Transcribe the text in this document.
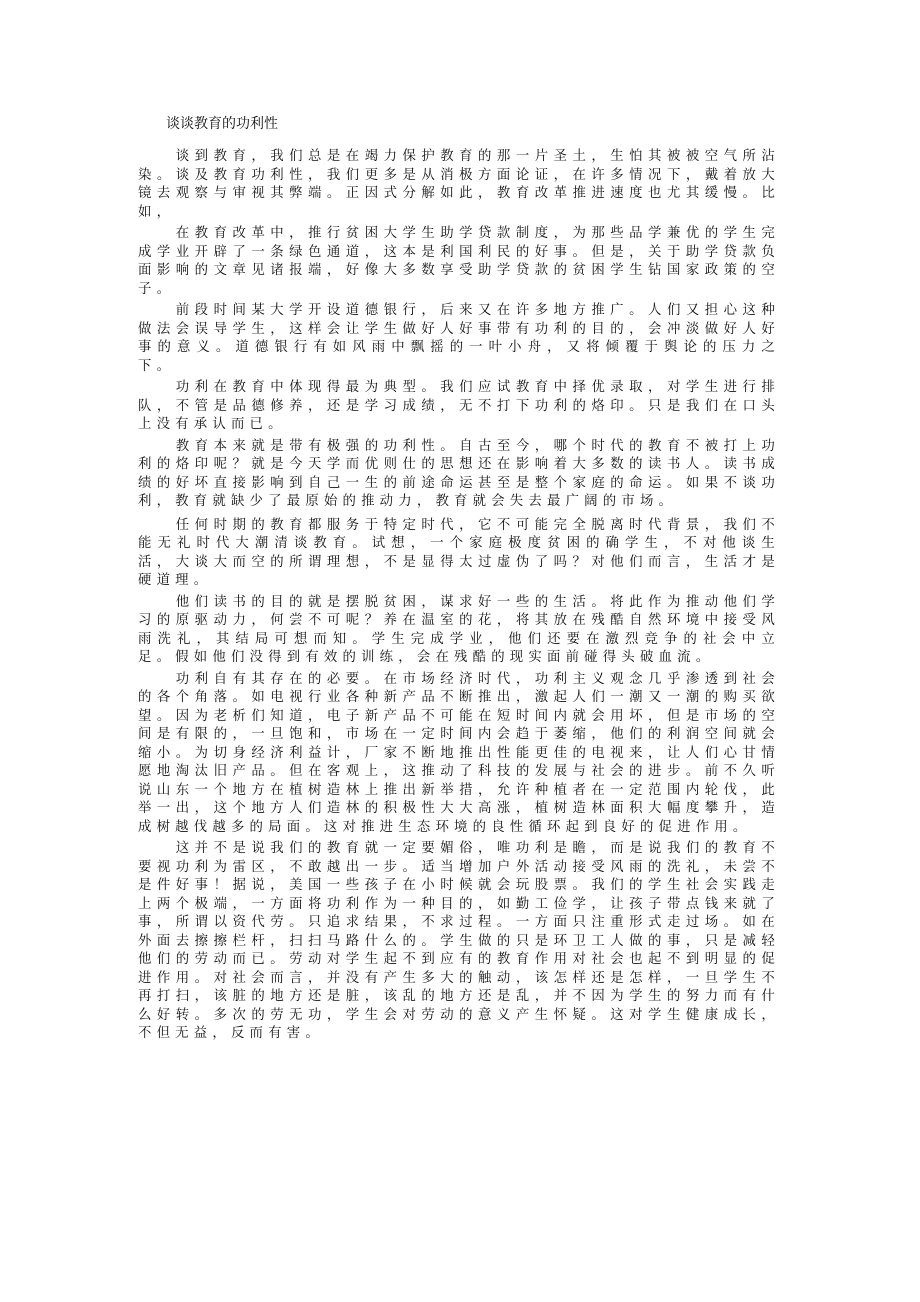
谈谈教育的功利性

　　谈到教育，我们总是在竭力保护教育的那一片圣土，生怕其被被空气所沾染。谈及教育功利性，我们更多是从消极方面论证，在许多情况下，戴着放大镜去观察与审视其弊端。正因式分解如此，教育改革推进速度也尤其缓慢。比如，

　　在教育改革中，推行贫困大学生助学贷款制度，为那些品学兼优的学生完成学业开辟了一条绿色通道，这本是利国利民的好事。但是，关于助学贷款负面影响的文章见诸报端，好像大多数享受助学贷款的贫困学生钻国家政策的空子。

　　前段时间某大学开设道德银行，后来又在许多地方推广。人们又担心这种做法会误导学生，这样会让学生做好人好事带有功利的目的，会冲淡做好人好事的意义。道德银行有如风雨中飘摇的一叶小舟，又将倾覆于舆论的压力之下。

　　功利在教育中体现得最为典型。我们应试教育中择优录取，对学生进行排队，不管是品德修养，还是学习成绩，无不打下功利的烙印。只是我们在口头上没有承认而已。

　　教育本来就是带有极强的功利性。自古至今，哪个时代的教育不被打上功利的烙印呢？就是今天学而优则仕的思想还在影响着大多数的读书人。读书成绩的好坏直接影响到自己一生的前途命运甚至是整个家庭的命运。如果不谈功利，教育就缺少了最原始的推动力，教育就会失去最广阔的市场。

　　任何时期的教育都服务于特定时代，它不可能完全脱离时代背景，我们不能无礼时代大潮清谈教育。试想，一个家庭极度贫困的确学生，不对他谈生活，大谈大而空的所谓理想，不是显得太过虚伪了吗？对他们而言，生活才是硬道理。

　　他们读书的目的就是摆脱贫困，谋求好一些的生活。将此作为推动他们学习的原驱动力，何尝不可呢？养在温室的花，将其放在残酷自然环境中接受风雨洗礼，其结局可想而知。学生完成学业，他们还要在激烈竞争的社会中立足。假如他们没得到有效的训练，会在残酷的现实面前碰得头破血流。

　　功利自有其存在的必要。在市场经济时代，功利主义观念几乎渗透到社会的各个角落。如电视行业各种新产品不断推出，激起人们一潮又一潮的购买欲望。因为老析们知道，电子新产品不可能在短时间内就会用坏，但是市场的空间是有限的，一旦饱和，市场在一定时间内会趋于萎缩，他们的利润空间就会缩小。为切身经济利益计，厂家不断地推出性能更佳的电视来，让人们心甘情愿地淘汰旧产品。但在客观上，这推动了科技的发展与社会的进步。前不久听说山东一个地方在植树造林上推出新举措，允许种植者在一定范围内轮伐，此举一出，这个地方人们造林的积极性大大高涨，植树造林面积大幅度攀升，造成树越伐越多的局面。这对推进生态环境的良性循环起到良好的促进作用。

　　这并不是说我们的教育就一定要媚俗，唯功利是瞻，而是说我们的教育不要视功利为雷区，不敢越出一步。适当增加户外活动接受风雨的洗礼，未尝不是件好事！据说，美国一些孩子在小时候就会玩股票。我们的学生社会实践走上两个极端，一方面将功利作为一种目的，如勤工俭学，让孩子带点钱来就了事，所谓以资代劳。只追求结果，不求过程。一方面只注重形式走过场。如在外面去擦擦栏杆，扫扫马路什么的。学生做的只是环卫工人做的事，只是减轻他们的劳动而已。劳动对学生起不到应有的教育作用对社会也起不到明显的促进作用。对社会而言，并没有产生多大的触动，该怎样还是怎样，一旦学生不再打扫，该脏的地方还是脏，该乱的地方还是乱，并不因为学生的努力而有什么好转。多次的劳无功，学生会对劳动的意义产生怀疑。这对学生健康成长，不但无益，反而有害。
